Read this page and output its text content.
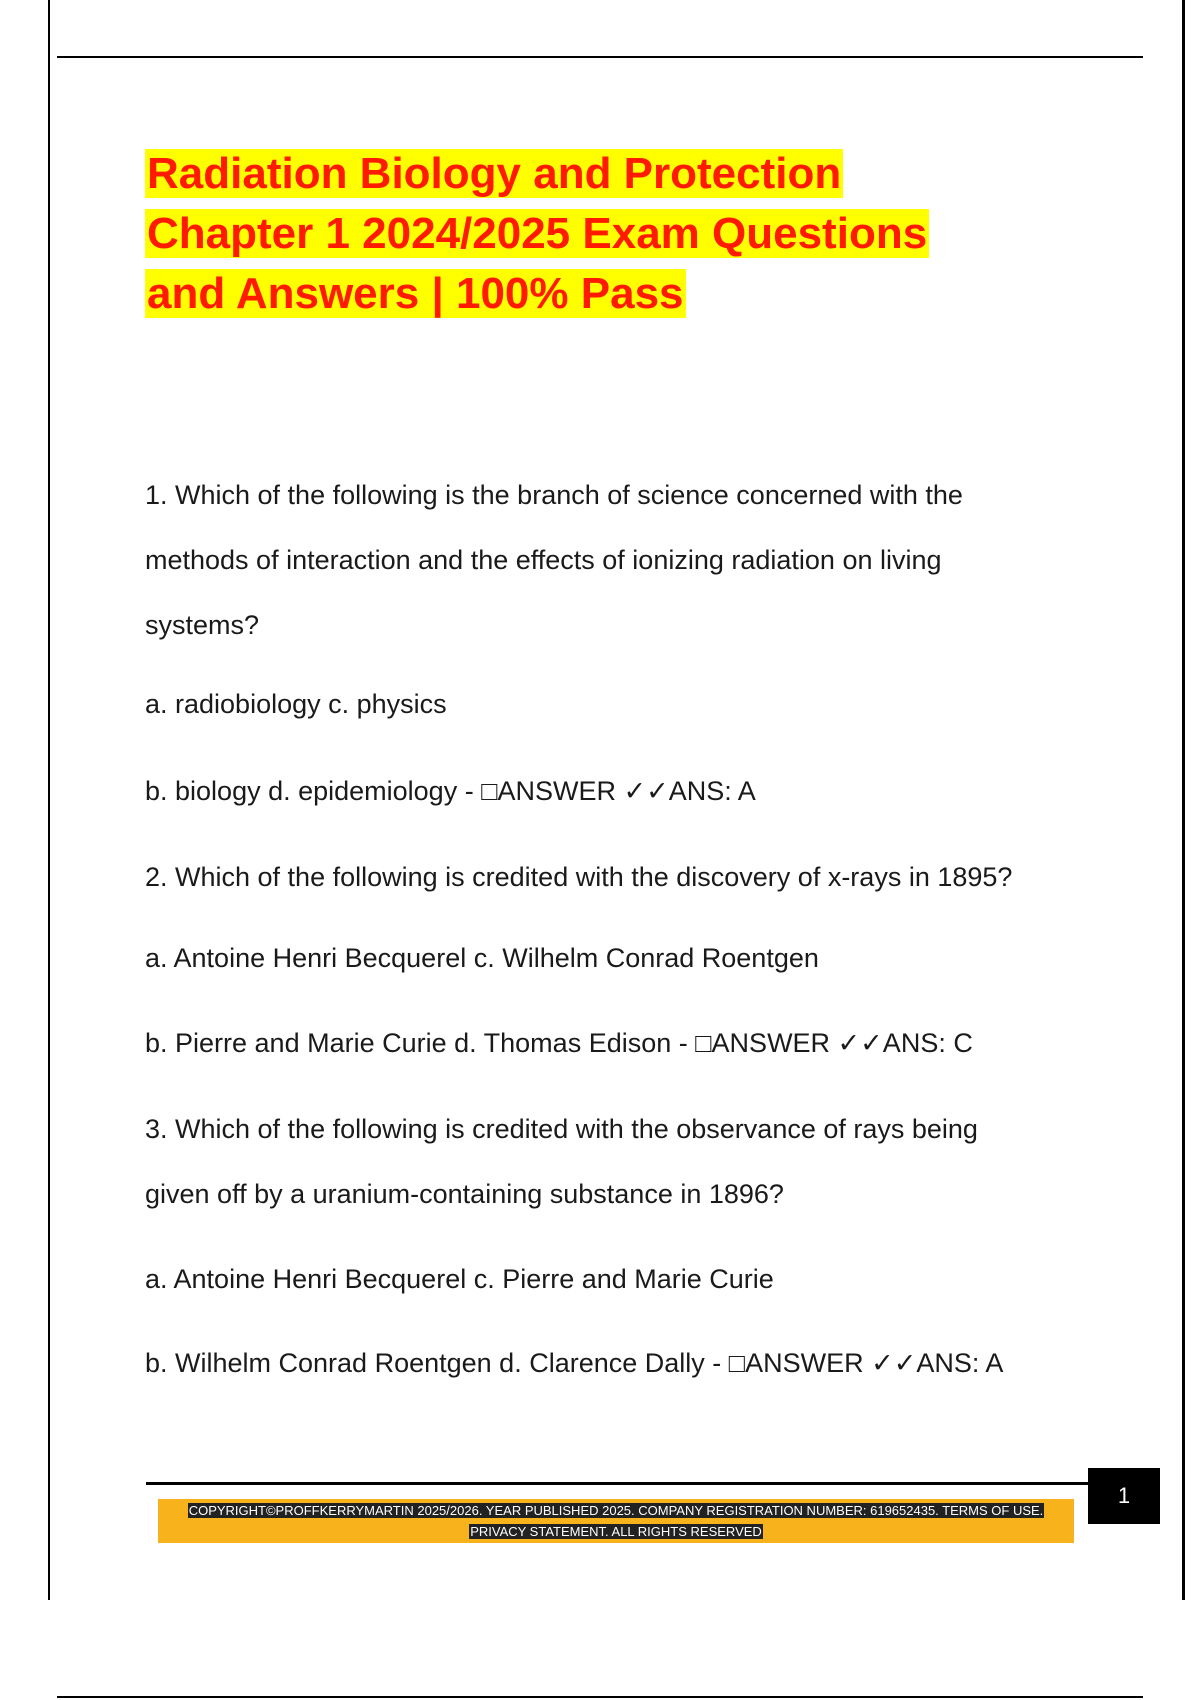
Radiation Biology and Protection
Chapter 1 2024/2025 Exam Questions
and Answers | 100% Pass

1. Which of the following is the branch of science concerned with the
methods of interaction and the effects of ionizing radiation on living
systems?

a. radiobiology c. physics

b. biology d. epidemiology - □ANSWER ✓✓ANS: A

2. Which of the following is credited with the discovery of x-rays in 1895?

a. Antoine Henri Becquerel c. Wilhelm Conrad Roentgen

b. Pierre and Marie Curie d. Thomas Edison - □ANSWER ✓✓ANS: C

3. Which of the following is credited with the observance of rays being
given off by a uranium-containing substance in 1896?

a. Antoine Henri Becquerel c. Pierre and Marie Curie

b. Wilhelm Conrad Roentgen d. Clarence Dally - □ANSWER ✓✓ANS: A

1
COPYRIGHT©PROFFKERRYMARTIN 2025/2026. YEAR PUBLISHED 2025. COMPANY REGISTRATION NUMBER: 619652435. TERMS OF USE.
PRIVACY STATEMENT. ALL RIGHTS RESERVED
